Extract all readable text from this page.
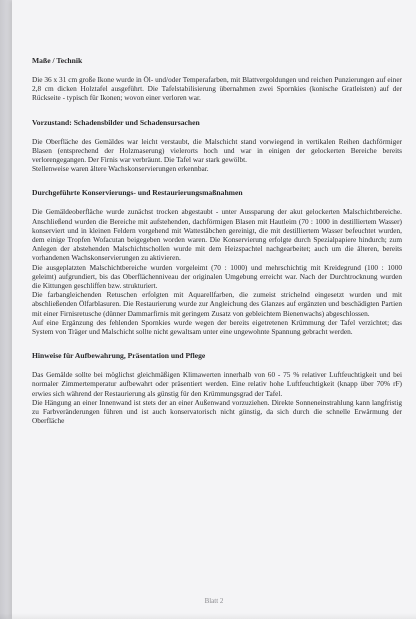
Maße / Technik

Die 36 x 31 cm große Ikone wurde in Öl- und/oder Temperafarben, mit Blattvergoldungen und reichen Punzierungen auf einer 2,8 cm dicken Holztafel ausgeführt. Die Tafelstabilisierung übernahmen zwei Spornkies (konische Gratleisten) auf der Rückseite - typisch für Ikonen; wovon einer verloren war.

Vorzustand: Schadensbilder und Schadensursachen

Die Oberfläche des Gemäldes war leicht verstaubt, die Malschicht stand vorwiegend in vertikalen Reihen dachförmiger Blasen (entsprechend der Holzmaserung) vielerorts hoch und war in einigen der gelockerten Bereiche bereits verlorengegangen. Der Firnis war verbräunt. Die Tafel war stark gewölbt.

Stellenweise waren ältere Wachskonservierungen erkennbar.

Durchgeführte Konservierungs- und Restaurierungsmaßnahmen

Die Gemäldeoberfläche wurde zunächst trocken abgestaubt - unter Aussparung der akut gelockerten Malschichtbereiche. Anschließend wurden die Bereiche mit aufstehenden, dachförmigen Blasen mit Hautleim (70 : 1000 in destilliertem Wasser) konserviert und in kleinen Feldern vorgehend mit Wattestäbchen gereinigt, die mit destilliertem Wasser befeuchtet wurden, dem einige Tropfen Wofacutan beigegeben worden waren. Die Konservierung erfolgte durch Spezialpapiere hindurch; zum Anlegen der abstehenden Malschichtschollen wurde mit dem Heizspachtel nachgearbeitet; auch um die älteren, bereits vorhandenen Wachskonservierungen zu aktivieren.

Die ausgeplatzten Malschichtbereiche wurden vorgeleimt (70 : 1000) und mehrschichtig mit Kreidegrund (100 : 1000 geleimt) aufgrundiert, bis das Oberflächenniveau der originalen Umgebung erreicht war. Nach der Durchtrocknung wurden die Kittungen geschliffen bzw. strukturiert.

Die farbangleichenden Retuschen erfolgten mit Aquarellfarben, die zumeist strichelnd eingesetzt wurden und mit abschließenden Ölfarblasuren. Die Restaurierung wurde zur Angleichung des Glanzes auf ergänzten und beschädigten Partien mit einer Firnisretusche (dünner Dammarfirnis mit geringem Zusatz von gebleichtem Bienenwachs) abgeschlossen.

Auf eine Ergänzung des fehlenden Spornkies wurde wegen der bereits eigetretenen Krümmung der Tafel verzichtet; das System von Träger und Malschicht sollte nicht gewaltsam unter eine ungewohnte Spannung gebracht werden.

Hinweise für Aufbewahrung, Präsentation und Pflege

Das Gemälde sollte bei möglichst gleichmäßigen Klimawerten innerhalb von 60 - 75 % relativer Luftfeuchtigkeit und bei normaler Zimmertemperatur aufbewahrt oder präsentiert werden. Eine relativ hohe Luftfeuchtigkeit (knapp über 70% rF) erwies sich während der Restaurierung als günstig für den Krümmungsgrad der Tafel.

Die Hängung an einer Innenwand ist stets der an einer Außenwand vorzuziehen. Direkte Sonneneinstrahlung kann langfristig zu Farbveränderungen führen und ist auch konservatorisch nicht günstig, da sich durch die schnelle Erwärmung der Oberfläche

Blatt 2
